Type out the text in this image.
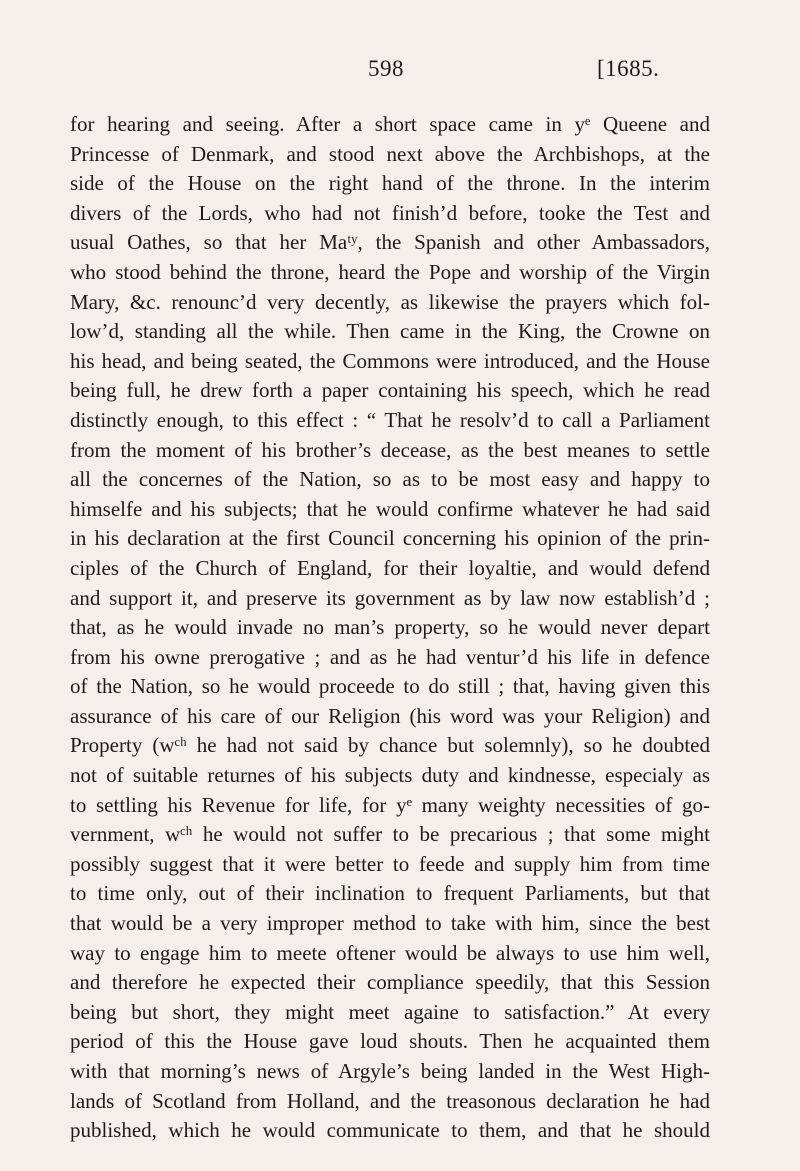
598	[1685.
for hearing and seeing. After a short space came in yᵉ Queene and
Princesse of Denmark, and stood next above the Archbishops, at the
side of the House on the right hand of the throne. In the interim
divers of the Lords, who had not finish’d before, tooke the Test and
usual Oathes, so that her Maᵗʸ, the Spanish and other Ambassadors,
who stood behind the throne, heard the Pope and worship of the Virgin
Mary, &c. renounc’d very decently, as likewise the prayers which fol-
low’d, standing all the while. Then came in the King, the Crowne on
his head, and being seated, the Commons were introduced, and the House
being full, he drew forth a paper containing his speech, which he read
distinctly enough, to this effect : “ That he resolv’d to call a Parliament
from the moment of his brother’s decease, as the best meanes to settle
all the concernes of the Nation, so as to be most easy and happy to
himselfe and his subjects; that he would confirme whatever he had said
in his declaration at the first Council concerning his opinion of the prin-
ciples of the Church of England, for their loyaltie, and would defend
and support it, and preserve its government as by law now establish’d ;
that, as he would invade no man’s property, so he would never depart
from his owne prerogative ; and as he had ventur’d his life in defence
of the Nation, so he would proceede to do still ; that, having given this
assurance of his care of our Religion (his word was your Religion) and
Property (wᶜʰ he had not said by chance but solemnly), so he doubted
not of suitable returnes of his subjects duty and kindnesse, especialy as
to settling his Revenue for life, for yᵉ many weighty necessities of go-
vernment, wᶜʰ he would not suffer to be precarious ; that some might
possibly suggest that it were better to feede and supply him from time
to time only, out of their inclination to frequent Parliaments, but that
that would be a very improper method to take with him, since the best
way to engage him to meete oftener would be always to use him well,
and therefore he expected their compliance speedily, that this Session
being but short, they might meet againe to satisfaction.” At every
period of this the House gave loud shouts. Then he acquainted them
with that morning’s news of Argyle’s being landed in the West High-
lands of Scotland from Holland, and the treasonous declaration he had
published, which he would communicate to them, and that he should
